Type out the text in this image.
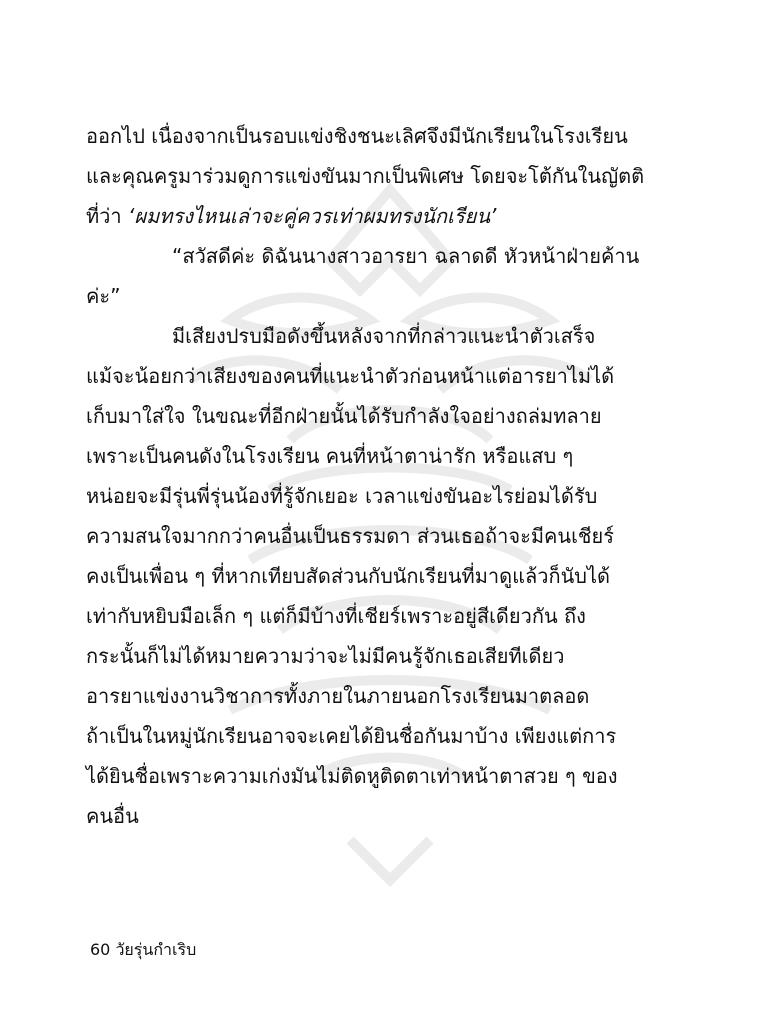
ออกไป เนื่องจากเป็นรอบแข่งชิงชนะเลิศจึงมีนักเรียนในโรงเรียน
และคุณครูมาร่วมดูการแข่งขันมากเป็นพิเศษ โดยจะโต้กันในญัตติ
ที่ว่า ‘ผมทรงไหนเล่าจะคู่ควรเท่าผมทรงนักเรียน’
“สวัสดีค่ะ ดิฉันนางสาวอารยา ฉลาดดี หัวหน้าฝ่ายค้าน
ค่ะ”
มีเสียงปรบมือดังขึ้นหลังจากที่กล่าวแนะนำตัวเสร็จ
แม้จะน้อยกว่าเสียงของคนที่แนะนำตัวก่อนหน้าแต่อารยาไม่ได้
เก็บมาใส่ใจ ในขณะที่อีกฝ่ายนั้นได้รับกำลังใจอย่างถล่มทลาย
เพราะเป็นคนดังในโรงเรียน คนที่หน้าตาน่ารัก หรือแสบ ๆ
หน่อยจะมีรุ่นพี่รุ่นน้องที่รู้จักเยอะ เวลาแข่งขันอะไรย่อมได้รับ
ความสนใจมากกว่าคนอื่นเป็นธรรมดา ส่วนเธอถ้าจะมีคนเชียร์
คงเป็นเพื่อน ๆ ที่หากเทียบสัดส่วนกับนักเรียนที่มาดูแล้วก็นับได้
เท่ากับหยิบมือเล็ก ๆ แต่ก็มีบ้างที่เชียร์เพราะอยู่สีเดียวกัน ถึง
กระนั้นก็ไม่ได้หมายความว่าจะไม่มีคนรู้จักเธอเสียทีเดียว
อารยาแข่งงานวิชาการทั้งภายในภายนอกโรงเรียนมาตลอด
ถ้าเป็นในหมู่นักเรียนอาจจะเคยได้ยินชื่อกันมาบ้าง เพียงแต่การ
ได้ยินชื่อเพราะความเก่งมันไม่ติดหูติดตาเท่าหน้าตาสวย ๆ ของ
คนอื่น
60 วัยรุ่นกำเริบ
